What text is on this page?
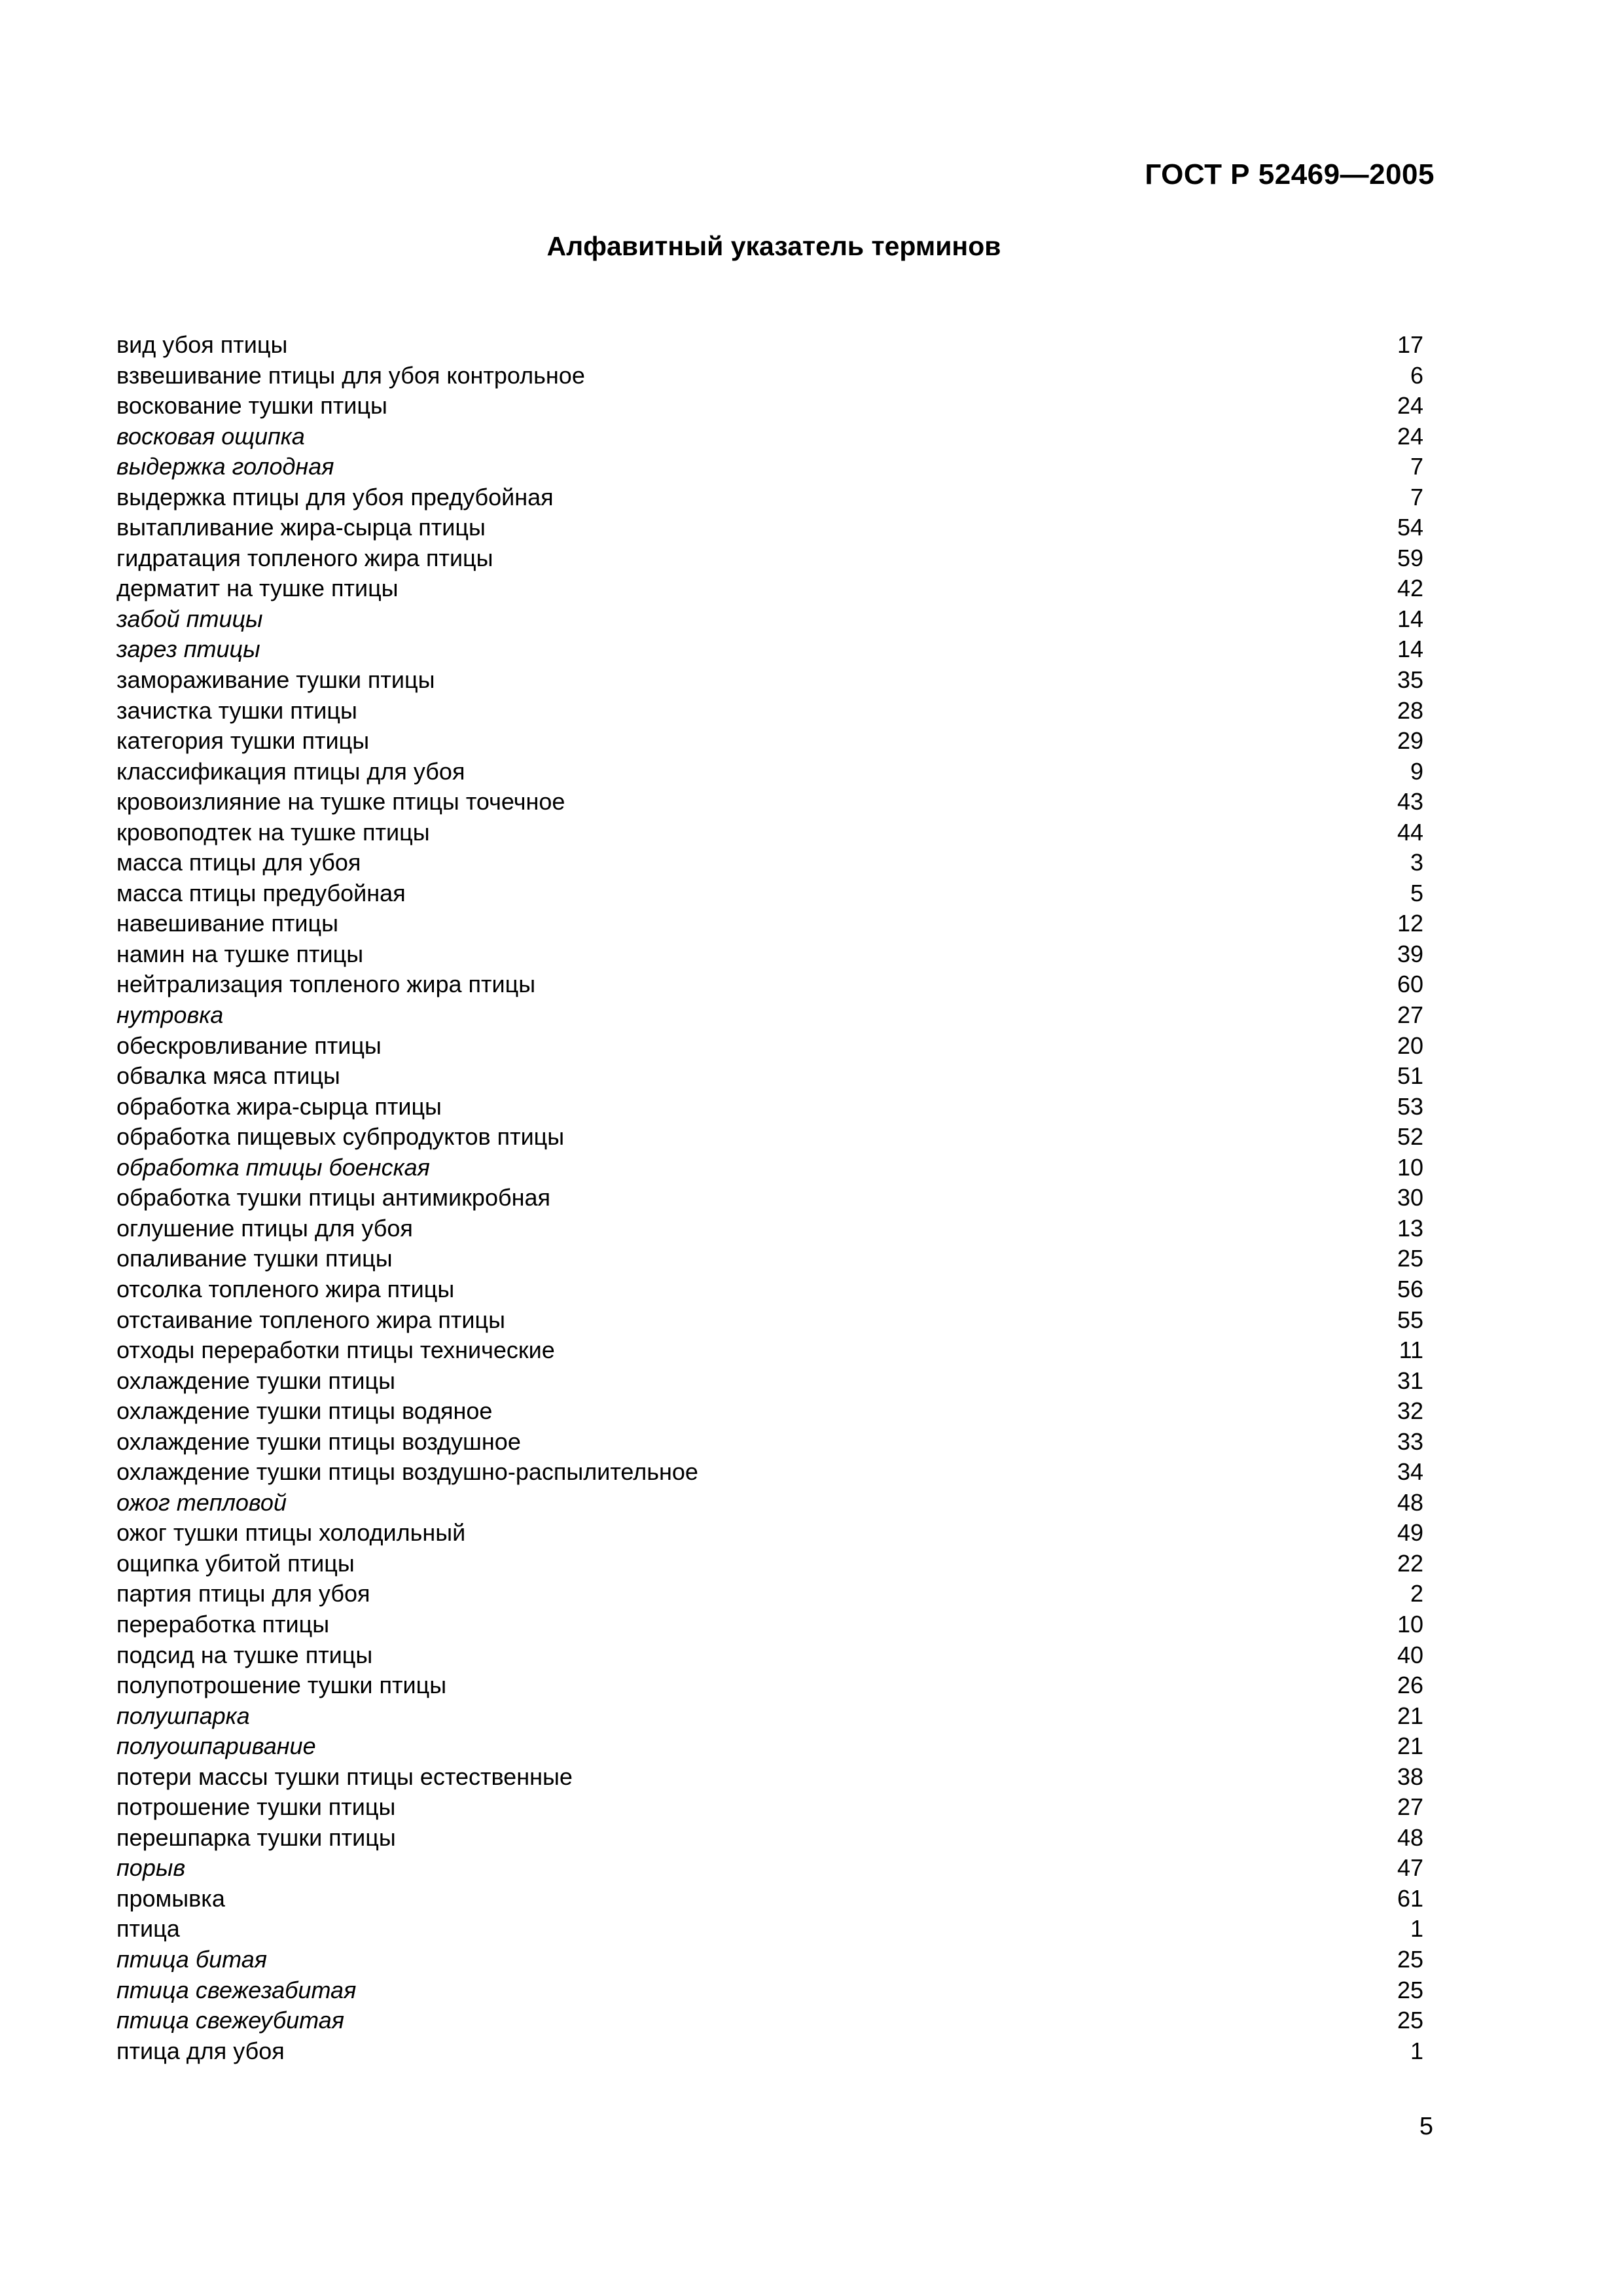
ГОСТ Р 52469—2005
Алфавитный указатель терминов
вид убоя птицы	17
взвешивание птицы для убоя контрольное	6
воскование тушки птицы	24
восковая ощипка	24
выдержка голодная	7
выдержка птицы для убоя предубойная	7
вытапливание жира-сырца птицы	54
гидратация топленого жира птицы	59
дерматит на тушке птицы	42
забой птицы	14
зарез птицы	14
замораживание тушки птицы	35
зачистка тушки птицы	28
категория тушки птицы	29
классификация птицы для убоя	9
кровоизлияние на тушке птицы точечное	43
кровоподтек на тушке птицы	44
масса птицы для убоя	3
масса птицы предубойная	5
навешивание птицы	12
намин на тушке птицы	39
нейтрализация топленого жира птицы	60
нутровка	27
обескровливание птицы	20
обвалка мяса птицы	51
обработка жира-сырца птицы	53
обработка пищевых субпродуктов птицы	52
обработка птицы боенская	10
обработка тушки птицы антимикробная	30
оглушение птицы для убоя	13
опаливание тушки птицы	25
отсолка топленого жира птицы	56
отстаивание топленого жира птицы	55
отходы переработки птицы технические	11
охлаждение тушки птицы	31
охлаждение тушки птицы водяное	32
охлаждение тушки птицы воздушное	33
охлаждение тушки птицы воздушно-распылительное	34
ожог тепловой	48
ожог тушки птицы холодильный	49
ощипка убитой птицы	22
партия птицы для убоя	2
переработка птицы	10
подсид на тушке птицы	40
полупотрошение тушки птицы	26
полушпарка	21
полуошпаривание	21
потери массы тушки птицы естественные	38
потрошение тушки птицы	27
перешпарка тушки птицы	48
порыв	47
промывка	61
птица	1
птица битая	25
птица свежезабитая	25
птица свежеубитая	25
птица для убоя	1
5
